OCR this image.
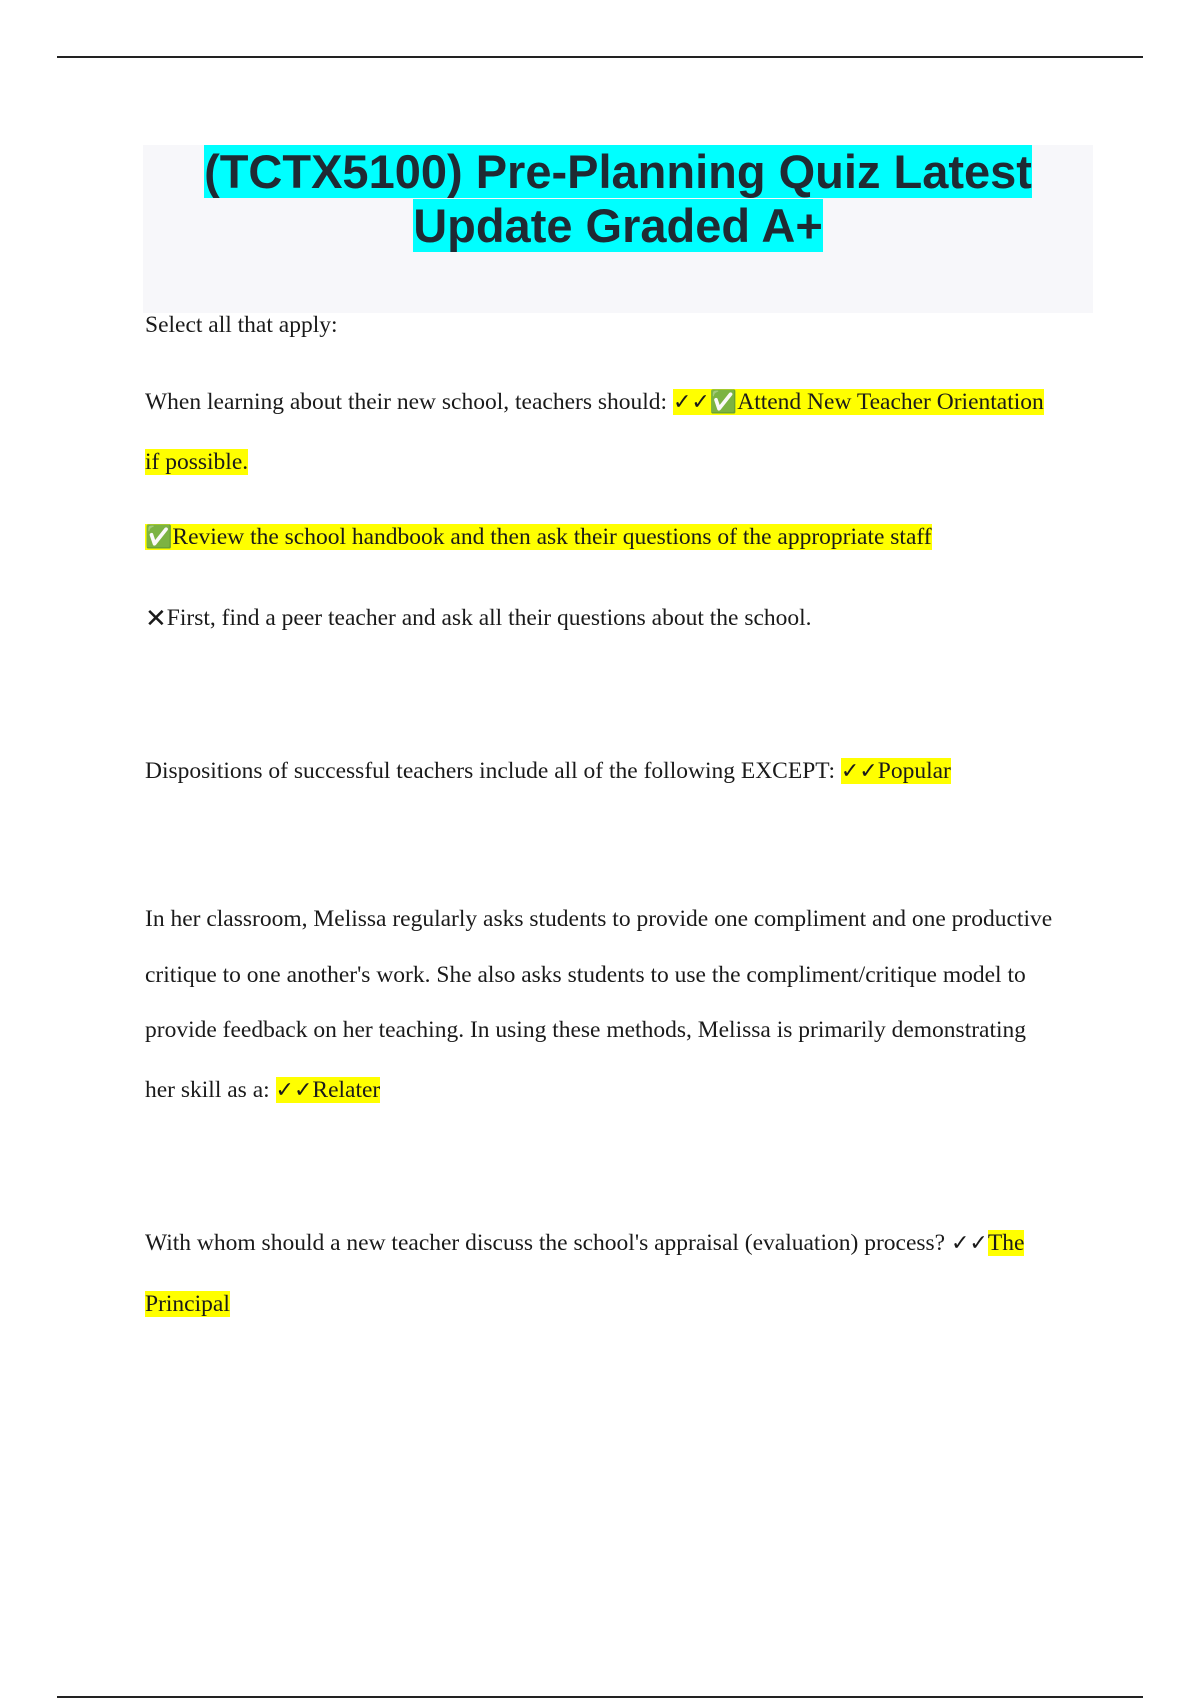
(TCTX5100) Pre-Planning Quiz Latest
Update Graded A+
Select all that apply:
When learning about their new school, teachers should: ✓✓✅Attend New Teacher Orientation
if possible.
✅Review the school handbook and then ask their questions of the appropriate staff
✕First, find a peer teacher and ask all their questions about the school.
Dispositions of successful teachers include all of the following EXCEPT: ✓✓Popular
In her classroom, Melissa regularly asks students to provide one compliment and one productive
critique to one another's work. She also asks students to use the compliment/critique model to
provide feedback on her teaching. In using these methods, Melissa is primarily demonstrating
her skill as a: ✓✓Relater
With whom should a new teacher discuss the school's appraisal (evaluation) process? ✓✓The
Principal
